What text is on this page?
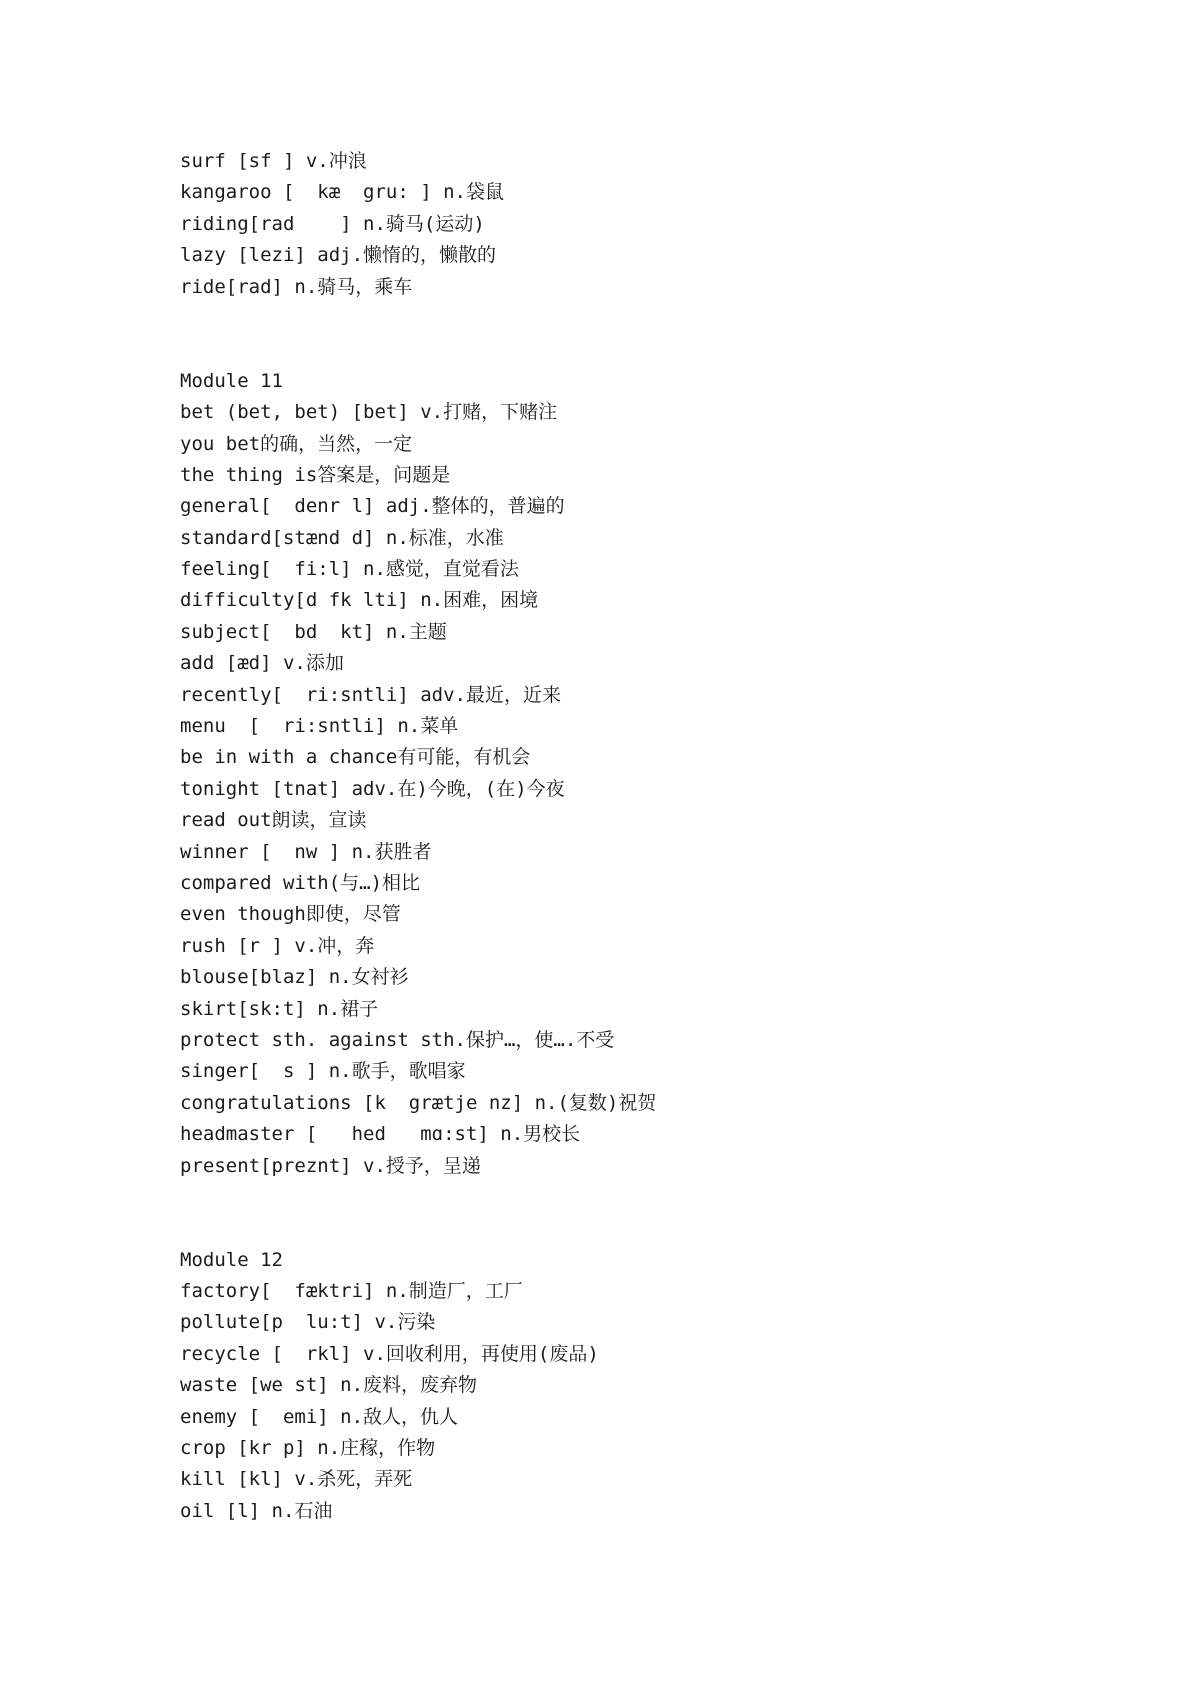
surf [sf ] v.冲浪
kangaroo [  kæ  gru: ] n.袋鼠
riding[rad    ] n.骑马(运动)
lazy [lezi] adj.懒惰的，懒散的
ride[rad] n.骑马，乘车
Module 11
bet (bet, bet) [bet] v.打赌，下赌注
you bet的确，当然，一定
the thing is答案是，问题是
general[  denr l] adj.整体的，普遍的
standard[stænd d] n.标准，水准
feeling[  fi:l] n.感觉，直觉看法
difficulty[d fk lti] n.困难，困境
subject[  bd  kt] n.主题
add [æd] v.添加
recently[  ri:sntli] adv.最近，近来
menu  [  ri:sntli] n.菜单
be in with a chance有可能，有机会
tonight [tnat] adv.在)今晚，(在)今夜
read out朗读，宣读
winner [  nw ] n.获胜者
compared with(与…)相比
even though即使，尽管
rush [r ] v.冲，奔
blouse[blaz] n.女衬衫
skirt[sk:t] n.裙子
protect sth. against sth.保护…，使….不受
singer[  s ] n.歌手，歌唱家
congratulations [k  grætje nz] n.(复数)祝贺
headmaster [   hed   mɑ:st] n.男校长
present[preznt] v.授予，呈递
Module 12
factory[  fæktri] n.制造厂，工厂
pollute[p  lu:t] v.污染
recycle [  rkl] v.回收利用，再使用(废品)
waste [we st] n.废料，废弃物
enemy [  emi] n.敌人，仇人
crop [kr p] n.庄稼，作物
kill [kl] v.杀死，弄死
oil [l] n.石油
